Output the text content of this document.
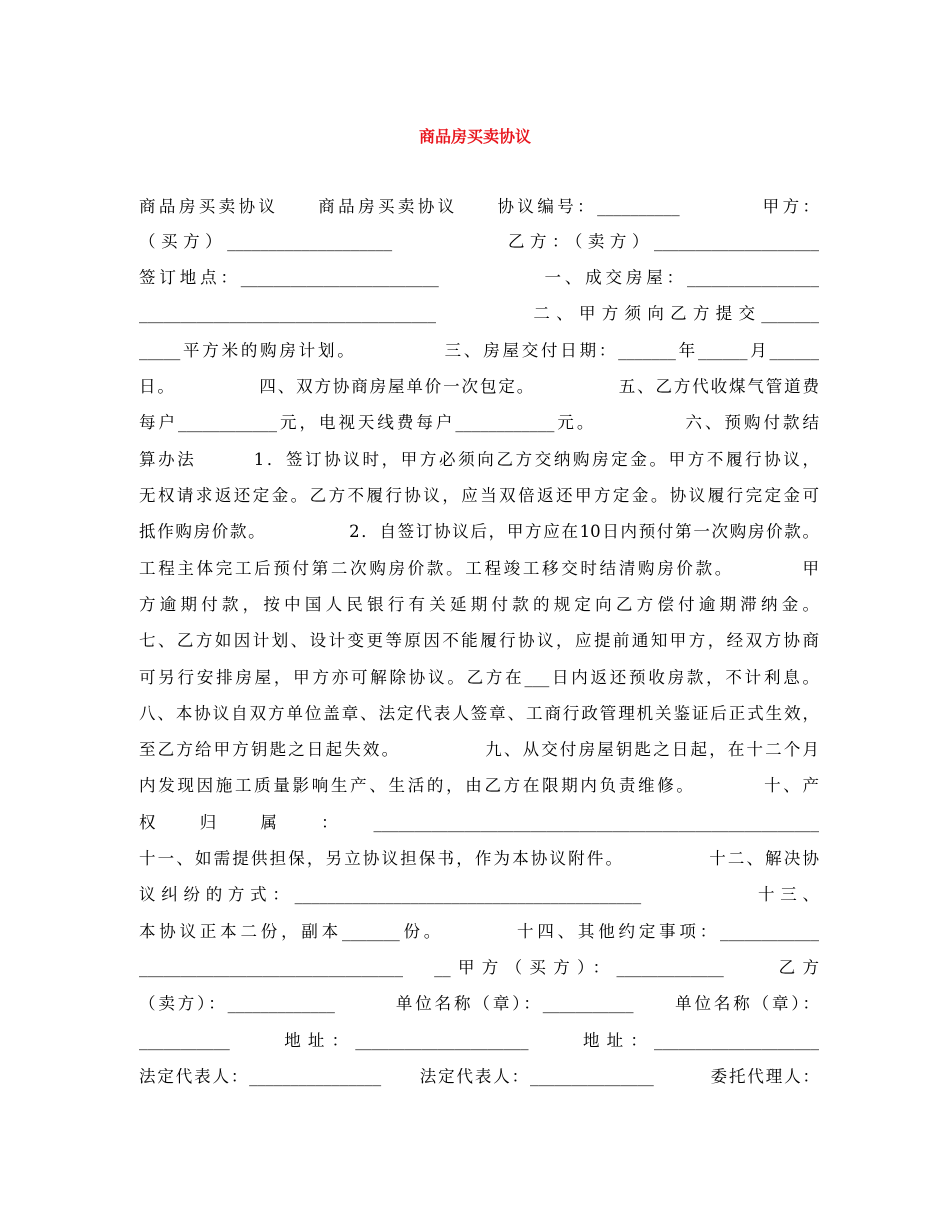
商品房买卖协议
商品房买卖协议　　商品房买卖协议　　协议编号：__________　　　　甲方：
（买方）____________________　　　　　乙方：（卖方）____________________
签订地点：________________________　　　　　一、成交房屋：________________
____________________________________　　　　二、甲方须向乙方提交_______
_____平方米的购房计划。　　　　　三、房屋交付日期：_______年______月______
日。　　　　　四、双方协商房屋单价一次包定。　　　　　五、乙方代收煤气管道费
每户____________元，电视天线费每户____________元。　　　　　六、预购付款结
算办法　　　1．签订协议时，甲方必须向乙方交纳购房定金。甲方不履行协议，
无权请求返还定金。乙方不履行协议，应当双倍返还甲方定金。协议履行完定金可
抵作购房价款。　　　　　2．自签订协议后，甲方应在10日内预付第一次购房价款。
工程主体完工后预付第二次购房价款。工程竣工移交时结清购房价款。　　　　甲
方逾期付款，按中国人民银行有关延期付款的规定向乙方偿付逾期滞纳金。
七、乙方如因计划、设计变更等原因不能履行协议，应提前通知甲方，经双方协商
可另行安排房屋，甲方亦可解除协议。乙方在___日内返还预收房款，不计利息。
八、本协议自双方单位盖章、法定代表人签章、工商行政管理机关鉴证后正式生效，
至乙方给甲方钥匙之日起失效。　　　　　九、从交付房屋钥匙之日起，在十二个月
内发现因施工质量影响生产、生活的，由乙方在限期内负责维修。　　　　十、产
权　归　属　：　______________________________________________________
十一、如需提供担保，另立协议担保书，作为本协议附件。　　　　　十二、解决协
议纠纷的方式：__________________________________________　　　　　十三、
本协议正本二份，副本_______份。　　　　十四、其他约定事项：____________
________________________________　__甲方（买方）：_____________　　乙方
（卖方）：_____________　　　单位名称（章）：___________　　单位名称（章）：
___________　　地址：_____________________　　地址：____________________
法定代表人：________________　　法定代表人：_______________　　　委托代理人：
